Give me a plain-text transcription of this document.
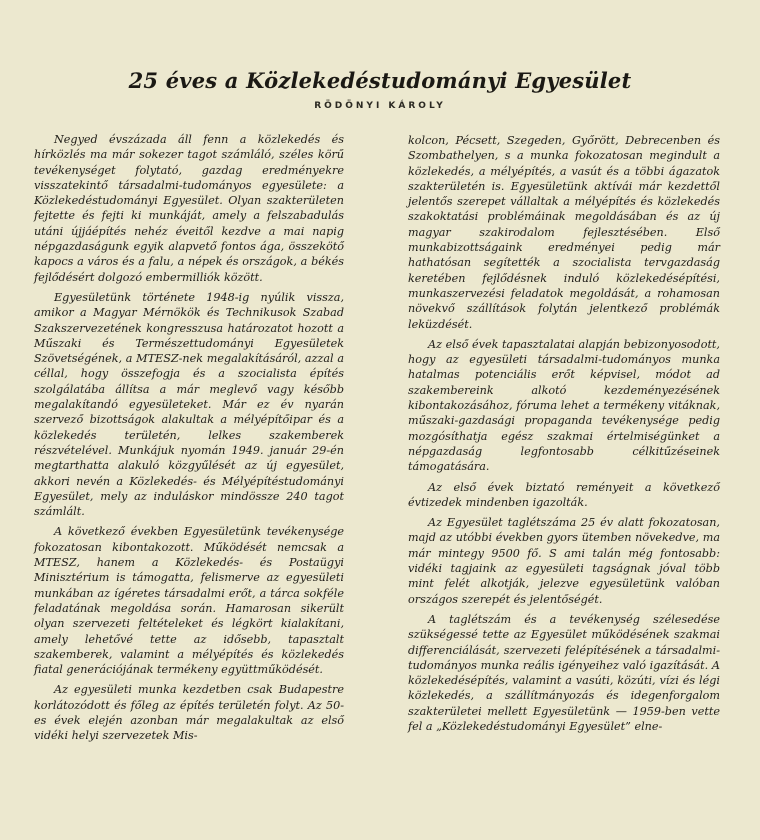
25 éves a Közlekedéstudományi Egyesület
RÖDÖNYI KÁROLY

Negyed évszázada áll fenn a közlekedés és hírközlés ma már sokezer tagot számláló, széles körű tevékenységet folytató, gazdag eredményekre visszatekintő társadalmi-tudományos egyesülete: a Közlekedéstudományi Egyesület. Olyan szakterületen fejtette és fejti ki munkáját, amely a felszabadulás utáni újjáépítés nehéz éveitől kezdve a mai napig népgazdaságunk egyik alapvető fontos ága, összekötő kapocs a város és a falu, a népek és országok, a békés fejlődésért dolgozó embermilliók között.

Egyesületünk története 1948-ig nyúlik vissza, amikor a Magyar Mérnökök és Technikusok Szabad Szakszervezetének kongresszusa határozatot hozott a Műszaki és Természettudományi Egyesületek Szövetségének, a MTESZ-nek megalakításáról, azzal a céllal, hogy összefogja és a szocialista építés szolgálatába állítsa a már meglevő vagy később megalakítandó egyesületeket. Már ez év nyarán szervező bizottságok alakultak a mélyépítőipar és a közlekedés területén, lelkes szakemberek részvételével. Munkájuk nyomán 1949. január 29-én megtarthatta alakuló közgyűlését az új egyesület, akkori nevén a Közlekedés- és Mélyépítéstudományi Egyesület, mely az induláskor mindössze 240 tagot számlált.

A következő években Egyesületünk tevékenysége fokozatosan kibontakozott. Működését nemcsak a MTESZ, hanem a Közlekedés- és Postaügyi Minisztérium is támogatta, felismerve az egyesületi munkában az ígéretes társadalmi erőt, a tárca sokféle feladatának megoldása során. Hamarosan sikerült olyan szervezeti feltételeket és légkört kialakítani, amely lehetővé tette az idősebb, tapasztalt szakemberek, valamint a mélyépítés és közlekedés fiatal generációjának termékeny együttműködését.

Az egyesületi munka kezdetben csak Budapestre korlátozódott és főleg az építés területén folyt. Az 50-es évek elején azonban már megalakultak az első vidéki helyi szervezetek Mis-

kolcon, Pécsett, Szegeden, Győrött, Debrecenben és Szombathelyen, s a munka fokozatosan megindult a közlekedés, a mélyépítés, a vasút és a többi ágazatok szakterületén is. Egyesületünk aktívái már kezdettől jelentős szerepet vállaltak a mélyépítés és közlekedés szakoktatási problémáinak megoldásában és az új magyar szakirodalom fejlesztésében. Első munkabizottságaink eredményei pedig már hathatósan segítették a szocialista tervgazdaság keretében fejlődésnek induló közlekedésépítési, munkaszervezési feladatok megoldását, a rohamosan növekvő szállítások folytán jelentkező problémák leküzdését.

Az első évek tapasztalatai alapján bebizonyosodott, hogy az egyesületi társadalmi-tudományos munka hatalmas potenciális erőt képvisel, módot ad szakembereink alkotó kezdeményezésének kibontakozásához, fóruma lehet a termékeny vitáknak, műszaki-gazdasági propaganda tevékenysége pedig mozgósíthatja egész szakmai értelmiségünket a népgazdaság legfontosabb célkitűzéseinek támogatására.

Az első évek biztató reményeit a következő évtizedek mindenben igazolták.

Az Egyesület taglétszáma 25 év alatt fokozatosan, majd az utóbbi években gyors ütemben növekedve, ma már mintegy 9500 fő. S ami talán még fontosabb: vidéki tagjaink az egyesületi tagságnak jóval több mint felét alkotják, jelezve egyesületünk valóban országos szerepét és jelentőségét.

A taglétszám és a tevékenység szélesedése szükségessé tette az Egyesület működésének szakmai differenciálását, szervezeti felépítésének a társadalmi-tudományos munka reális igényeihez való igazítását. A közlekedésépítés, valamint a vasúti, közúti, vízi és légi közlekedés, a szállítmányozás és idegenforgalom szakterületei mellett Egyesületünk — 1959-ben vette fel a „Közlekedéstudományi Egyesület” elne-
